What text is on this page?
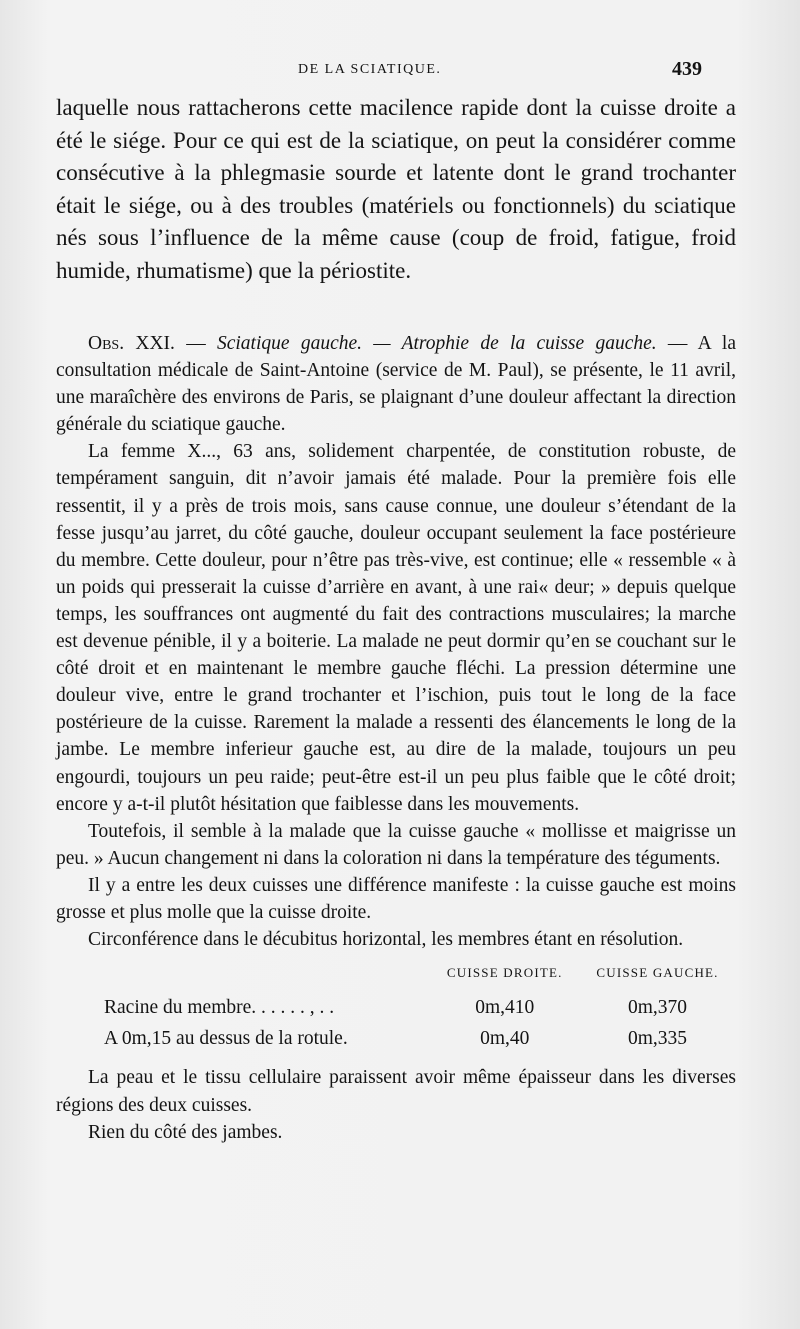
DE LA SCIATIQUE.	439

laquelle nous rattacherons cette macilence rapide dont la cuisse droite a été le siége. Pour ce qui est de la sciatique, on peut la considérer comme consécutive à la phlegmasie sourde et latente dont le grand trochanter était le siége, ou à des troubles (matériels ou fonctionnels) du sciatique nés sous l’influence de la même cause (coup de froid, fatigue, froid humide, rhumatisme) que la périostite.

Obs. XXI. — Sciatique gauche. — Atrophie de la cuisse gauche. — A la consultation médicale de Saint-Antoine (service de M. Paul), se présente, le 11 avril, une maraîchère des environs de Paris, se plaignant d’une douleur affectant la direction générale du sciatique gauche.

La femme X..., 63 ans, solidement charpentée, de constitution robuste, de tempérament sanguin, dit n’avoir jamais été malade. Pour la première fois elle ressentit, il y a près de trois mois, sans cause connue, une douleur s’étendant de la fesse jusqu’au jarret, du côté gauche, douleur occupant seulement la face postérieure du membre. Cette douleur, pour n’être pas très-vive, est continue; elle « ressemble « à un poids qui presserait la cuisse d’arrière en avant, à une rai« deur; » depuis quelque temps, les souffrances ont augmenté du fait des contractions musculaires; la marche est devenue pénible, il y a boiterie. La malade ne peut dormir qu’en se couchant sur le côté droit et en maintenant le membre gauche fléchi. La pression détermine une douleur vive, entre le grand trochanter et l’ischion, puis tout le long de la face postérieure de la cuisse. Rarement la malade a ressenti des élancements le long de la jambe. Le membre inferieur gauche est, au dire de la malade, toujours un peu engourdi, toujours un peu raide; peut-être est-il un peu plus faible que le côté droit; encore y a-t-il plutôt hésitation que faiblesse dans les mouvements.

Toutefois, il semble à la malade que la cuisse gauche « mollisse et maigrisse un peu. » Aucun changement ni dans la coloration ni dans la température des téguments.

Il y a entre les deux cuisses une différence manifeste : la cuisse gauche est moins grosse et plus molle que la cuisse droite.

Circonférence dans le décubitus horizontal, les membres étant en résolution.

	CUISSE DROITE.	CUISSE GAUCHE.
Racine du membre. . . . . . , . .	0m,410	0m,370
A 0m,15 au dessus de la rotule.	0m,40	0m,335

La peau et le tissu cellulaire paraissent avoir même épaisseur dans les diverses régions des deux cuisses.

Rien du côté des jambes.
